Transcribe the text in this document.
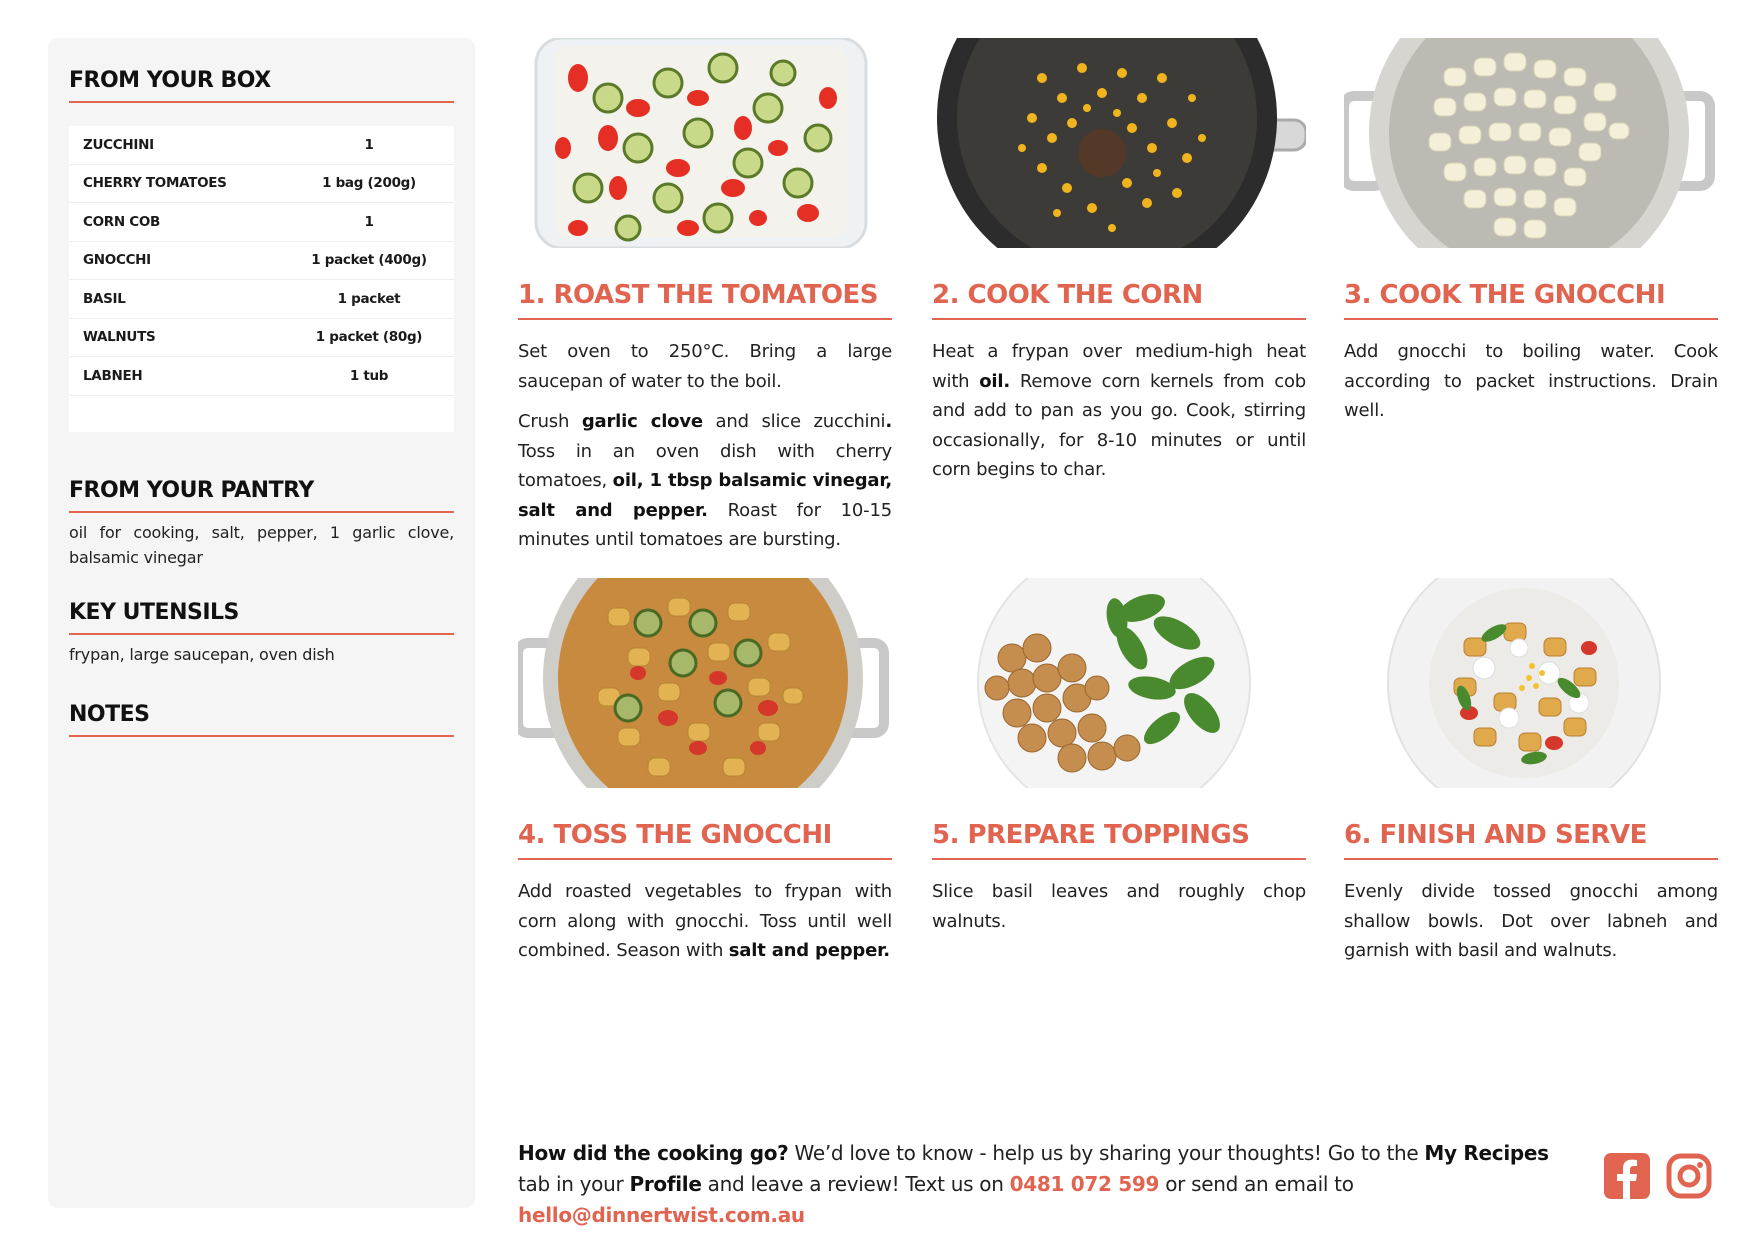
FROM YOUR BOX
ZUCCHINI	1
CHERRY TOMATOES	1 bag (200g)
CORN COB	1
GNOCCHI	1 packet (400g)
BASIL	1 packet
WALNUTS	1 packet (80g)
LABNEH	1 tub
FROM YOUR PANTRY
oil for cooking, salt, pepper, 1 garlic clove, balsamic vinegar
KEY UTENSILS
frypan, large saucepan, oven dish
NOTES
1. ROAST THE TOMATOES	2. COOK THE CORN	3. COOK THE GNOCCHI
4. TOSS THE GNOCCHI	5. PREPARE TOPPINGS	6. FINISH AND SERVE

Set oven to 250°C. Bring a large saucepan of water to the boil.

Crush garlic clove and slice zucchini. Toss in an oven dish with cherry tomatoes, oil, 1 tbsp balsamic vinegar, salt and pepper. Roast for 10-15 minutes until tomatoes are bursting.

Heat a frypan over medium-high heat with oil. Remove corn kernels from cob and add to pan as you go. Cook, stirring occasionally, for 8-10 minutes or until corn begins to char.

Add gnocchi to boiling water. Cook according to packet instructions. Drain well.

Add roasted vegetables to frypan with corn along with gnocchi. Toss until well combined. Season with salt and pepper.

Slice basil leaves and roughly chop walnuts.

Evenly divide tossed gnocchi among shallow bowls. Dot over labneh and garnish with basil and walnuts.

How did the cooking go? We’d love to know - help us by sharing your thoughts! Go to the My Recipes tab in your Profile and leave a review! Text us on 0481 072 599 or send an email to hello@dinnertwist.com.au
